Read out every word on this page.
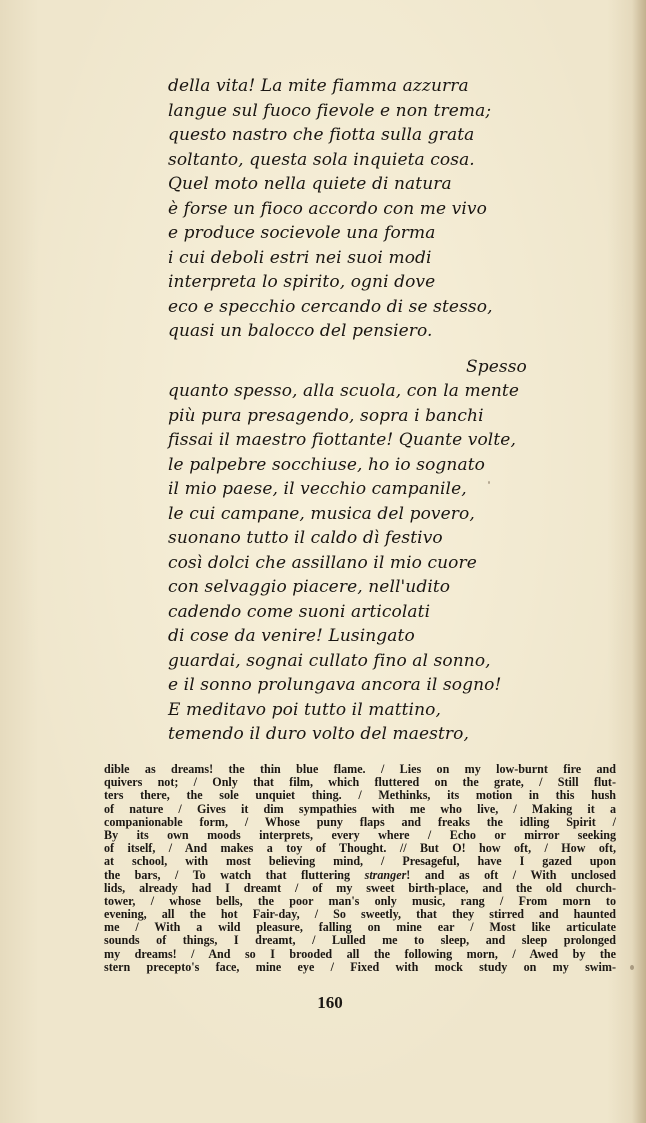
della vita! La mite fiamma azzurra
langue sul fuoco fievole e non trema;
questo nastro che fiotta sulla grata
soltanto, questa sola inquieta cosa.
Quel moto nella quiete di natura
è forse un fioco accordo con me vivo
e produce socievole una forma
i cui deboli estri nei suoi modi
interpreta lo spirito, ogni dove
eco e specchio cercando di se stesso,
quasi un balocco del pensiero.
Spesso
quanto spesso, alla scuola, con la mente
più pura presagendo, sopra i banchi
fissai il maestro fiottante! Quante volte,
le palpebre socchiuse, ho io sognato
il mio paese, il vecchio campanile,
le cui campane, musica del povero,
suonano tutto il caldo dì festivo
così dolci che assillano il mio cuore
con selvaggio piacere, nell'udito
cadendo come suoni articolati
di cose da venire! Lusingato
guardai, sognai cullato fino al sonno,
e il sonno prolungava ancora il sogno!
E meditavo poi tutto il mattino,
temendo il duro volto del maestro,
dible as dreams! the thin blue flame. / Lies on my low-burnt fire and
quivers not; / Only that film, which fluttered on the grate, / Still flut-
ters there, the sole unquiet thing. / Methinks, its motion in this hush
of nature / Gives it dim sympathies with me who live, / Making it a
companionable form, / Whose puny flaps and freaks the idling Spirit /
By its own moods interprets, every where / Echo or mirror seeking
of itself, / And makes a toy of Thought. // But O! how oft, / How oft,
at school, with most believing mind, / Presageful, have I gazed upon
the bars, / To watch that fluttering stranger! and as oft / With unclosed
lids, already had I dreamt / of my sweet birth-place, and the old church-
tower, / whose bells, the poor man's only music, rang / From morn to
evening, all the hot Fair-day, / So sweetly, that they stirred and haunted
me / With a wild pleasure, falling on mine ear / Most like articulate
sounds of things, I dreamt, / Lulled me to sleep, and sleep prolonged
my dreams! / And so I brooded all the following morn, / Awed by the
stern precepto's face, mine eye / Fixed with mock study on my swim-
160
